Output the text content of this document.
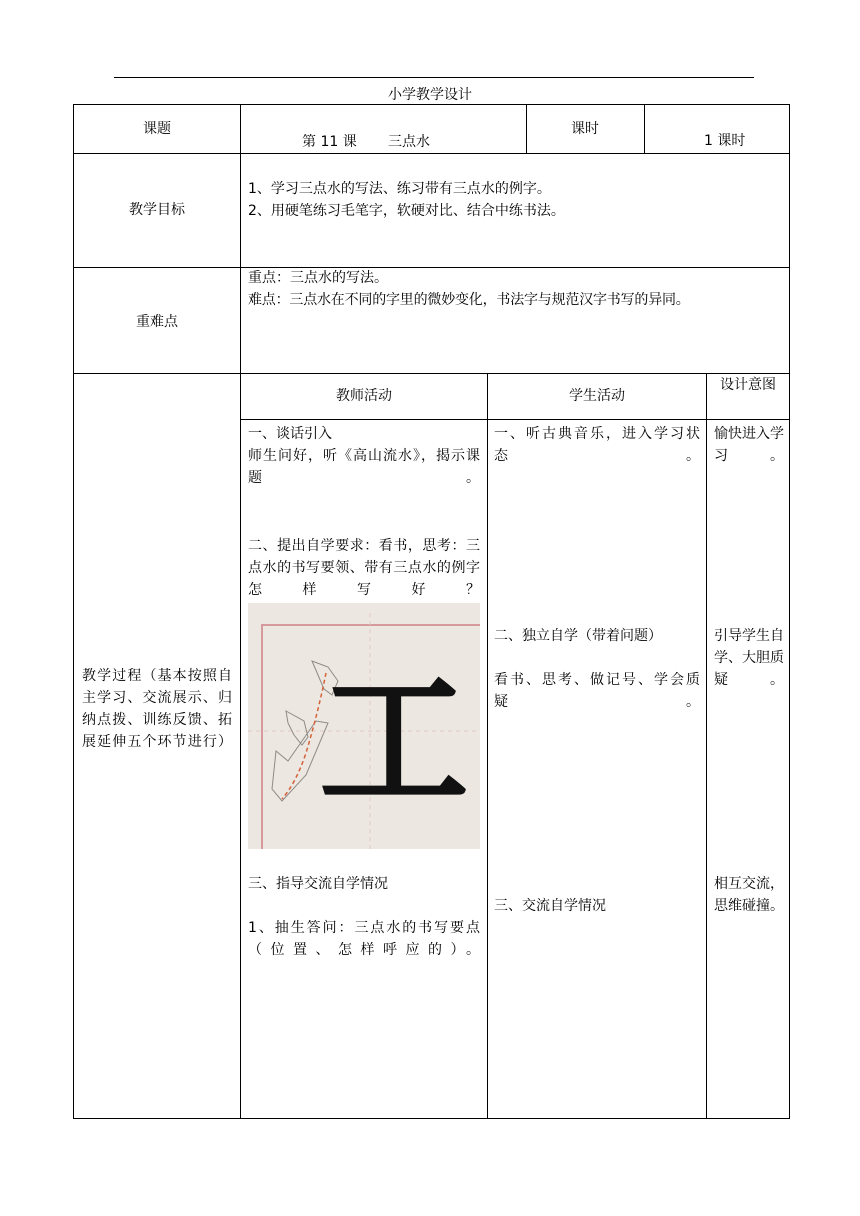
小学教学设计
课题
第 11 课 三点水
课时
1 课时
教学目标
1、学习三点水的写法、练习带有三点水的例字。
2、用硬笔练习毛笔字，软硬对比、结合中练书法。
重难点
重点：三点水的写法。
难点：三点水在不同的字里的微妙变化，书法字与规范汉字书写的异同。
教师活动	学生活动
设计意图
教学过程（基本按照自主学习、交流展示、归纳点拨、训练反馈、拓展延伸五个环节进行）
一、谈话引入
师生问好，听《高山流水》，揭示课题。
二、提出自学要求：看书，思考：三点水的书写要领、带有三点水的例字怎样写好？
工
三、指导交流自学情况
1、抽生答问：三点水的书写要点（位置、怎样呼应的）。
一、听古典音乐，进入学习状态。
二、独立自学（带着问题）
看书、思考、做记号、学会质疑。
三、交流自学情况
愉快进入学习。
引导学生自学、大胆质疑。
相互交流，思维碰撞。
